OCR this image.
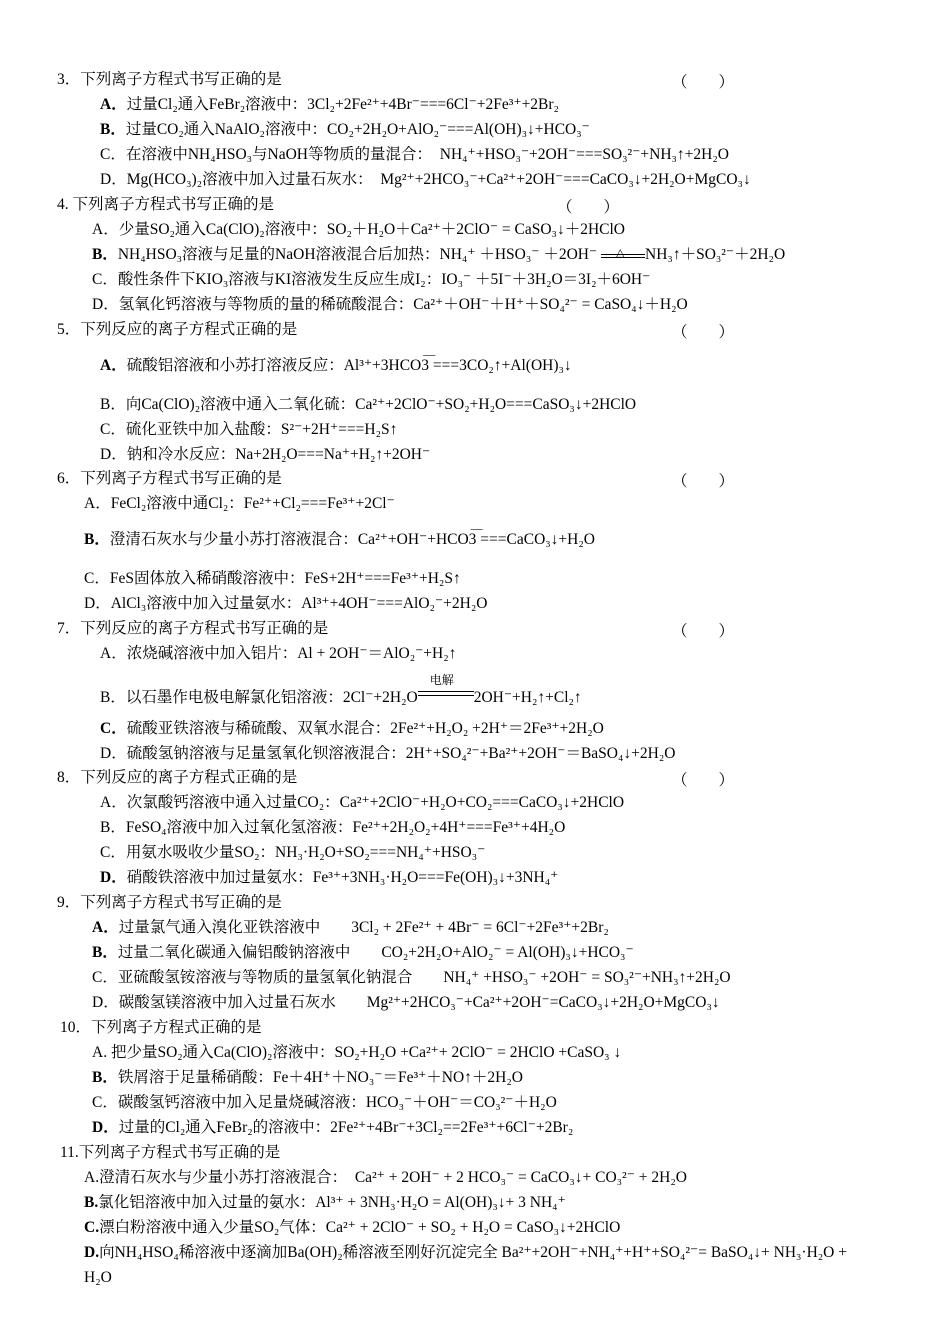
3．下列离子方程式书写正确的是	（　　）
A．过量Cl₂通入FeBr₂溶液中：3Cl₂+2Fe²⁺+4Br⁻===6Cl⁻+2Fe³⁺+2Br₂
B．过量CO₂通入NaAlO₂溶液中：CO₂+2H₂O+AlO₂⁻===Al(OH)₃↓+HCO₃⁻
C．在溶液中NH₄HSO₃与NaOH等物质的量混合：　NH₄⁺+HSO₃⁻+2OH⁻===SO₃²⁻+NH₃↑+2H₂O
D．Mg(HCO₃)₂溶液中加入过量石灰水：　Mg²⁺+2HCO₃⁻+Ca²⁺+2OH⁻===CaCO₃↓+2H₂O+MgCO₃↓
4. 下列离子方程式书写正确的是	（　　）
A．少量SO₂通入Ca(ClO)₂溶液中：SO₂＋H₂O＋Ca²⁺＋2ClO⁻ = CaSO₃↓＋2HClO
B．NH₄HSO₃溶液与足量的NaOH溶液混合后加热：NH₄⁺ ＋HSO₃⁻ ＋2OH⁻ △ NH₃↑＋SO₃²⁻＋2H₂O
C．酸性条件下KIO₃溶液与KI溶液发生反应生成I₂：IO₃⁻ ＋5I⁻＋3H₂O＝3I₂＋6OH⁻
D．氢氧化钙溶液与等物质的量的稀硫酸混合：Ca²⁺＋OH⁻＋H⁺＋SO₄²⁻ = CaSO₄↓＋H₂O
5．下列反应的离子方程式正确的是	（　　）
A．硫酸铝溶液和小苏打溶液反应：Al³⁺+3HCO
—
3 ===3CO₂↑+Al(OH)₃↓
B．向Ca(ClO)₂溶液中通入二氧化硫：Ca²⁺+2ClO⁻+SO₂+H₂O===CaSO₃↓+2HClO
C．硫化亚铁中加入盐酸：S²⁻+2H⁺===H₂S↑
D．钠和冷水反应：Na+2H₂O===Na⁺+H₂↑+2OH⁻
6．下列离子方程式书写正确的是	（　　）
A．FeCl₂溶液中通Cl₂：Fe²⁺+Cl₂===Fe³⁺+2Cl⁻
B．澄清石灰水与少量小苏打溶液混合：Ca²⁺+OH⁻+HCO
—
3 ===CaCO₃↓+H₂O
C．FeS固体放入稀硝酸溶液中：FeS+2H⁺===Fe³⁺+H₂S↑
D．AlCl₃溶液中加入过量氨水：Al³⁺+4OH⁻===AlO₂⁻+2H₂O
7．下列反应的离子方程式书写正确的是	（　　）
A．浓烧碱溶液中加入铝片：Al + 2OH⁻＝AlO₂⁻+H₂↑
B．以石墨作电极电解氯化铝溶液：2Cl⁻+2H₂O
电解
2OH⁻+H₂↑+Cl₂↑
C．硫酸亚铁溶液与稀硫酸、双氧水混合：2Fe²⁺+H₂O₂ +2H⁺＝2Fe³⁺+2H₂O
D．硫酸氢钠溶液与足量氢氧化钡溶液混合：2H⁺+SO₄²⁻+Ba²⁺+2OH⁻＝BaSO₄↓+2H₂O
8．下列反应的离子方程式正确的是	（　　）
A．次氯酸钙溶液中通入过量CO₂：Ca²⁺+2ClO⁻+H₂O+CO₂===CaCO₃↓+2HClO
B．FeSO₄溶液中加入过氧化氢溶液：Fe²⁺+2H₂O₂+4H⁺===Fe³⁺+4H₂O
C．用氨水吸收少量SO₂：NH₃·H₂O+SO₂===NH₄⁺+HSO₃⁻
D．硝酸铁溶液中加过量氨水：Fe³⁺+3NH₃·H₂O===Fe(OH)₃↓+3NH₄⁺
9．下列离子方程式书写正确的是
A．过量氯气通入溴化亚铁溶液中　　3Cl₂ + 2Fe²⁺ + 4Br⁻ = 6Cl⁻+2Fe³⁺+2Br₂
B．过量二氧化碳通入偏铝酸钠溶液中　　CO₂+2H₂O+AlO₂⁻ = Al(OH)₃↓+HCO₃⁻
C．亚硫酸氢铵溶液与等物质的量氢氧化钠混合　　NH₄⁺ +HSO₃⁻ +2OH⁻ = SO₃²⁻+NH₃↑+2H₂O
D．碳酸氢镁溶液中加入过量石灰水　　Mg²⁺+2HCO₃⁻+Ca²⁺+2OH⁻=CaCO₃↓+2H₂O+MgCO₃↓
10．下列离子方程式正确的是
A. 把少量SO₂通入Ca(ClO)₂溶液中：SO₂+H₂O +Ca²⁺+ 2ClO⁻ = 2HClO +CaSO₃ ↓
B．铁屑溶于足量稀硝酸：Fe＋4H⁺＋NO₃⁻＝Fe³⁺＋NO↑＋2H₂O
C．碳酸氢钙溶液中加入足量烧碱溶液：HCO₃⁻＋OH⁻＝CO₃²⁻＋H₂O
D．过量的Cl₂通入FeBr₂的溶液中：2Fe²⁺+4Br⁻+3Cl₂==2Fe³⁺+6Cl⁻+2Br₂
11.下列离子方程式书写正确的是
A.澄清石灰水与少量小苏打溶液混合：　Ca²⁺ + 2OH⁻ + 2 HCO₃⁻ = CaCO₃↓+ CO₃²⁻ + 2H₂O
B.氯化铝溶液中加入过量的氨水：Al³⁺ + 3NH₃·H₂O = Al(OH)₃↓+ 3 NH₄⁺
C.漂白粉溶液中通入少量SO₂气体：Ca²⁺ + 2ClO⁻ + SO₂ + H₂O = CaSO₃↓+2HClO
D.向NH₄HSO₄稀溶液中逐滴加Ba(OH)₂稀溶液至刚好沉淀完全 Ba²⁺+2OH⁻+NH₄⁺+H⁺+SO₄²⁻= BaSO₄↓+ NH₃·H₂O +
H₂O
